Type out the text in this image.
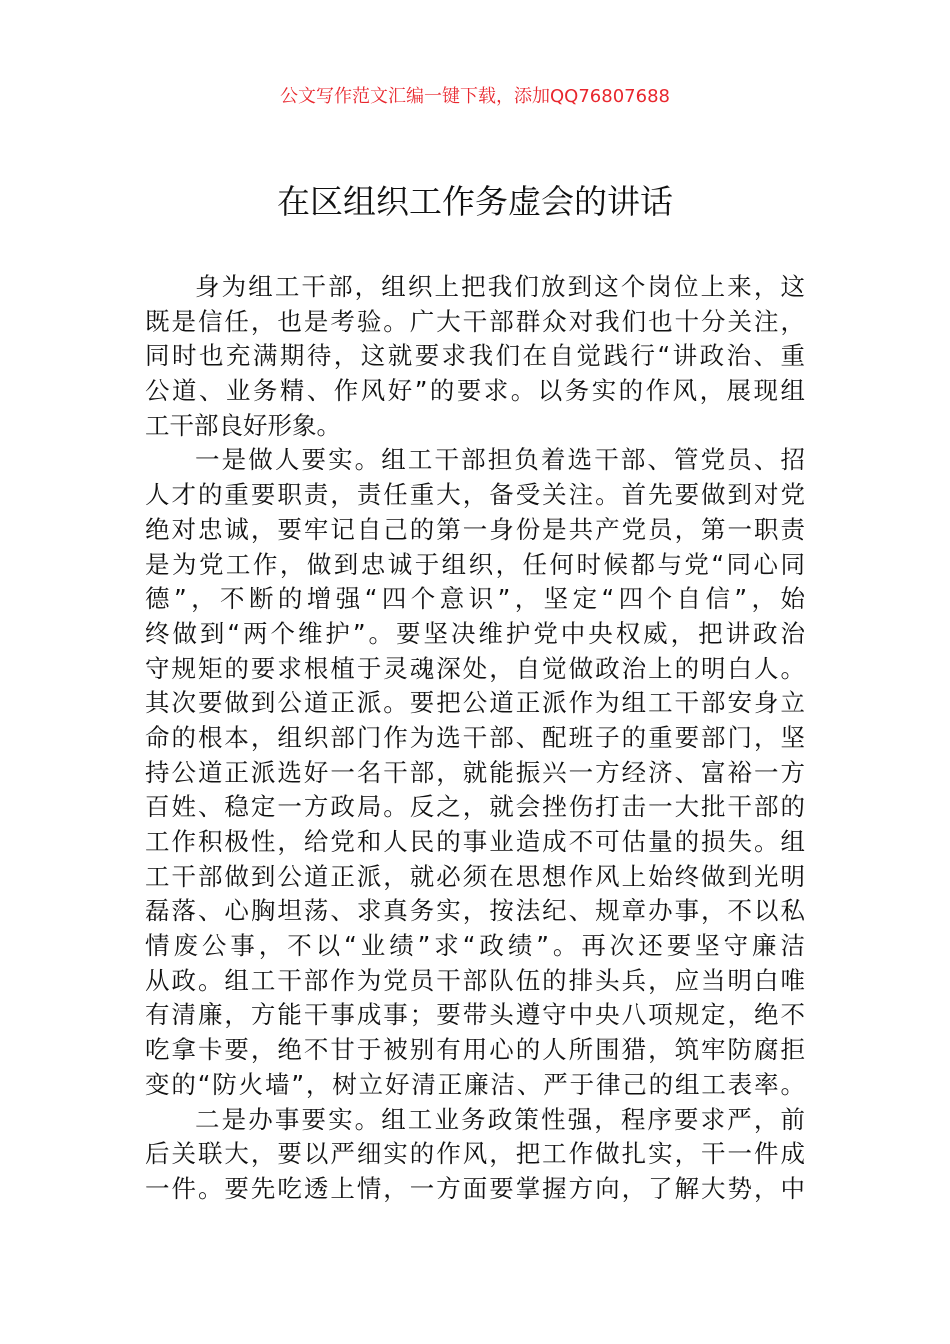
公文写作范文汇编一键下载，添加QQ76807688
在区组织工作务虚会的讲话
身为组工干部，组织上把我们放到这个岗位上来，这
既是信任，也是考验。广大干部群众对我们也十分关注，
同时也充满期待，这就要求我们在自觉践行“讲政治、重
公道、业务精、作风好”的要求。以务实的作风，展现组
工干部良好形象。
一是做人要实。组工干部担负着选干部、管党员、招
人才的重要职责，责任重大，备受关注。首先要做到对党
绝对忠诚，要牢记自己的第一身份是共产党员，第一职责
是为党工作，做到忠诚于组织，任何时候都与党“同心同
德”，不断的增强“四个意识”，坚定“四个自信”，始
终做到“两个维护”。要坚决维护党中央权威，把讲政治
守规矩的要求根植于灵魂深处，自觉做政治上的明白人。
其次要做到公道正派。要把公道正派作为组工干部安身立
命的根本，组织部门作为选干部、配班子的重要部门，坚
持公道正派选好一名干部，就能振兴一方经济、富裕一方
百姓、稳定一方政局。反之，就会挫伤打击一大批干部的
工作积极性，给党和人民的事业造成不可估量的损失。组
工干部做到公道正派，就必须在思想作风上始终做到光明
磊落、心胸坦荡、求真务实，按法纪、规章办事，不以私
情废公事，不以“业绩”求“政绩”。再次还要坚守廉洁
从政。组工干部作为党员干部队伍的排头兵，应当明白唯
有清廉，方能干事成事；要带头遵守中央八项规定，绝不
吃拿卡要，绝不甘于被别有用心的人所围猎，筑牢防腐拒
变的“防火墙”，树立好清正廉洁、严于律己的组工表率。
二是办事要实。组工业务政策性强，程序要求严，前
后关联大，要以严细实的作风，把工作做扎实，干一件成
一件。要先吃透上情，一方面要掌握方向，了解大势，中
